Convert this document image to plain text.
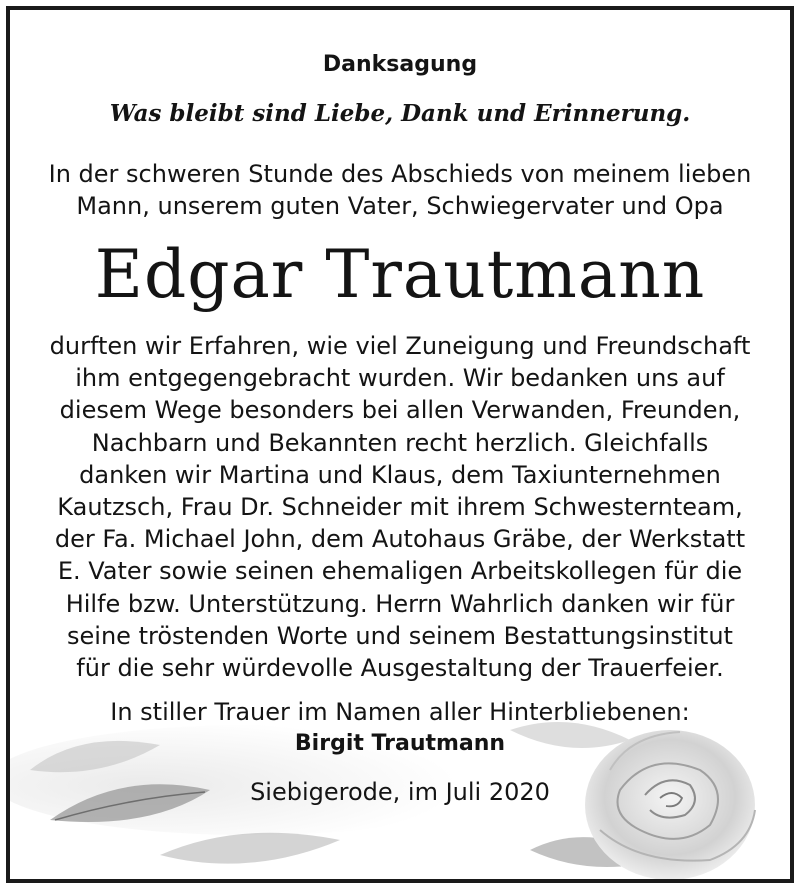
Danksagung
Was bleibt sind Liebe, Dank und Erinnerung.
In der schweren Stunde des Abschieds von meinem lieben
Mann, unserem guten Vater, Schwiegervater und Opa
Edgar Trautmann
durften wir Erfahren, wie viel Zuneigung und Freundschaft
ihm entgegengebracht wurden. Wir bedanken uns auf
diesem Wege besonders bei allen Verwanden, Freunden,
Nachbarn und Bekannten recht herzlich. Gleichfalls
danken wir Martina und Klaus, dem Taxiunternehmen
Kautzsch, Frau Dr. Schneider mit ihrem Schwesternteam,
der Fa. Michael John, dem Autohaus Gräbe, der Werkstatt
E. Vater sowie seinen ehemaligen Arbeitskollegen für die
Hilfe bzw. Unterstützung. Herrn Wahrlich danken wir für
seine tröstenden Worte und seinem Bestattungsinstitut
für die sehr würdevolle Ausgestaltung der Trauerfeier.
In stiller Trauer im Namen aller Hinterbliebenen:
Birgit Trautmann
Siebigerode, im Juli 2020
